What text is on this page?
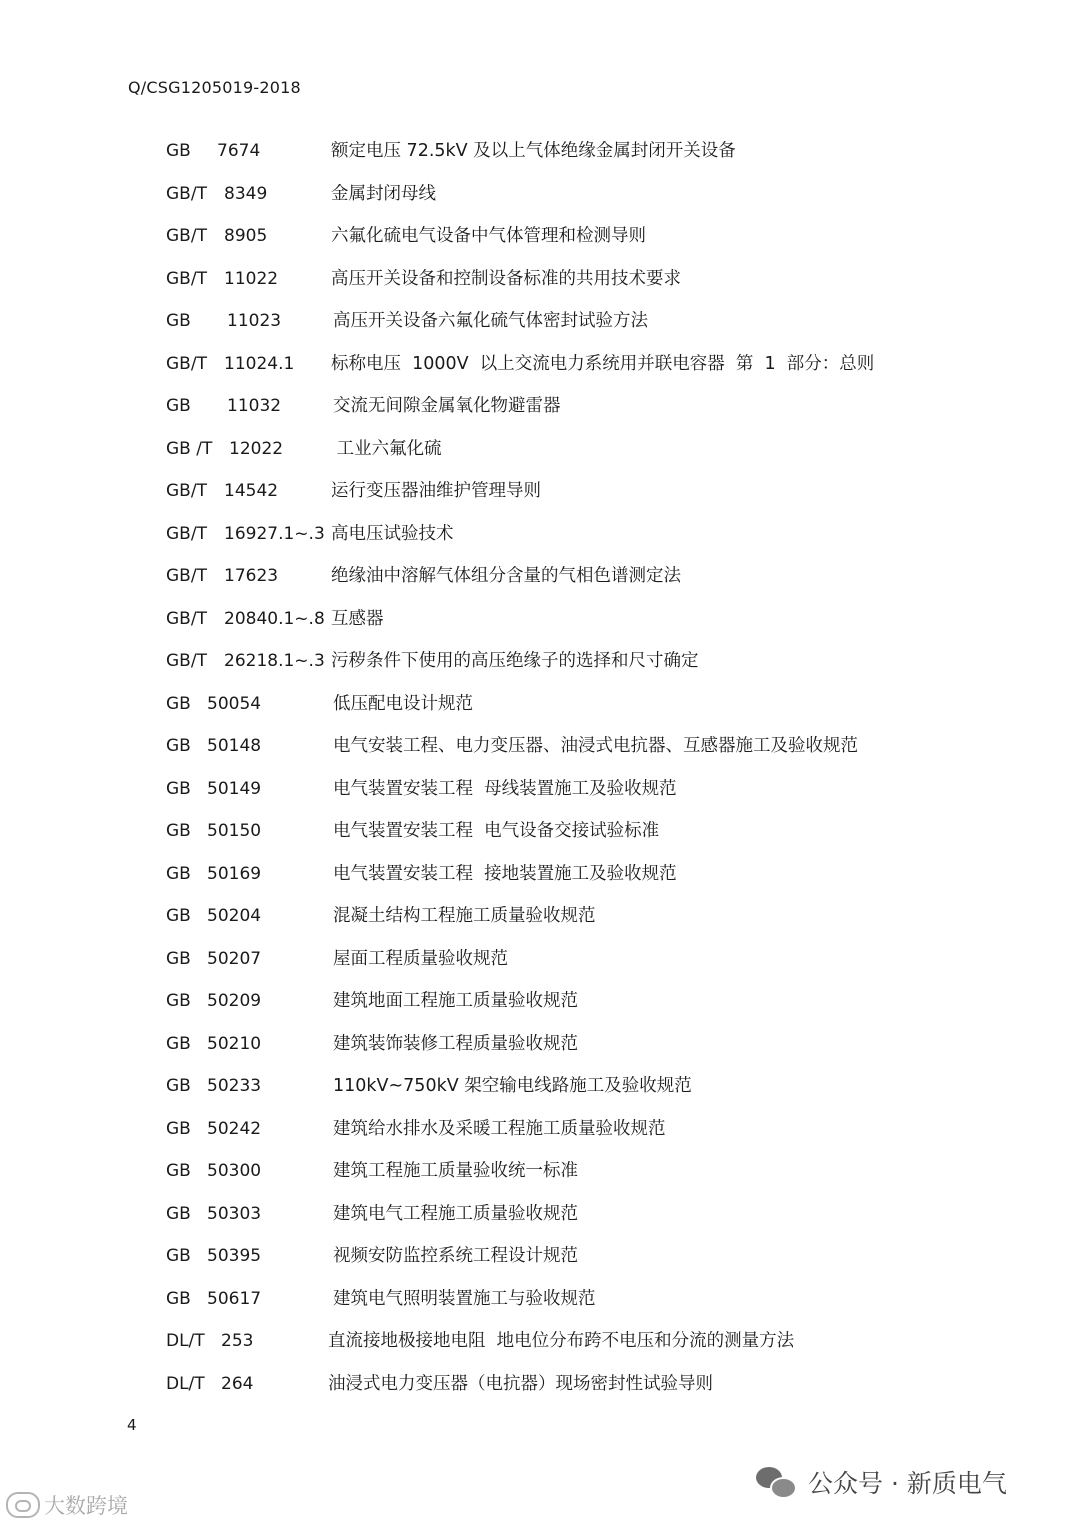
Q/CSG1205019-2018
GB 7674	额定电压 72.5kV 及以上气体绝缘金属封闭开关设备
GB/T 8349	金属封闭母线
GB/T 8905	六氟化硫电气设备中气体管理和检测导则
GB/T 11022	高压开关设备和控制设备标准的共用技术要求
GB 11023	高压开关设备六氟化硫气体密封试验方法
GB/T 11024.1 标称电压  1000V  以上交流电力系统用并联电容器  第  1  部分：总则
GB 11032	交流无间隙金属氧化物避雷器
GB /T 12022	工业六氟化硫
GB/T 14542	运行变压器油维护管理导则
GB/T 16927.1~.3 高电压试验技术
GB/T 17623	绝缘油中溶解气体组分含量的气相色谱测定法
GB/T 20840.1~.8 互感器
GB/T 26218.1~.3 污秽条件下使用的高压绝缘子的选择和尺寸确定
GB 50054	低压配电设计规范
GB 50148	电气安装工程、电力变压器、油浸式电抗器、互感器施工及验收规范
GB 50149	电气装置安装工程  母线装置施工及验收规范
GB 50150	电气装置安装工程  电气设备交接试验标准
GB 50169	电气装置安装工程  接地装置施工及验收规范
GB 50204	混凝土结构工程施工质量验收规范
GB 50207	屋面工程质量验收规范
GB 50209	建筑地面工程施工质量验收规范
GB 50210	建筑装饰装修工程质量验收规范
GB 50233	110kV~750kV 架空输电线路施工及验收规范
GB 50242	建筑给水排水及采暖工程施工质量验收规范
GB 50300	建筑工程施工质量验收统一标准
GB 50303	建筑电气工程施工质量验收规范
GB 50395	视频安防监控系统工程设计规范
GB 50617	建筑电气照明装置施工与验收规范
DL/T 253	直流接地极接地电阻  地电位分布跨不电压和分流的测量方法
DL/T 264	油浸式电力变压器（电抗器）现场密封性试验导则
4
大数跨境
公众号 · 新质电气
